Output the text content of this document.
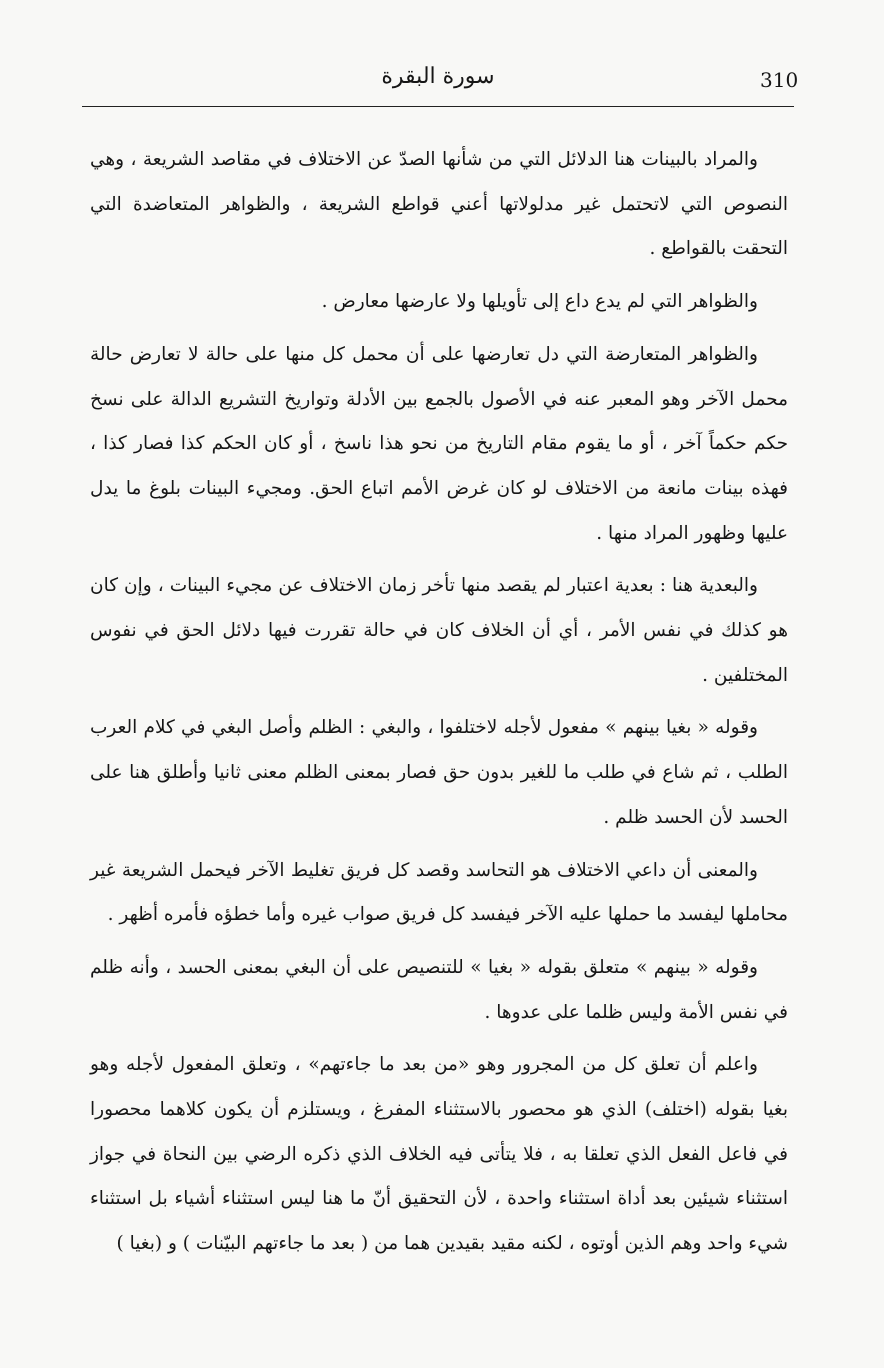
310
سورة البقرة

والمراد بالبينات هنا الدلائل التي من شأنها الصدّ عن الاختلاف في مقاصد الشريعة ، وهي النصوص التي لاتحتمل غير مدلولاتها أعني قواطع الشريعة ، والظواهر المتعاضدة التي التحقت بالقواطع .

والظواهر التي لم يدع داع إلى تأويلها ولا عارضها معارض .

والظواهر المتعارضة التي دل تعارضها على أن محمل كل منها على حالة لا تعارض حالة محمل الآخر وهو المعبر عنه في الأصول بالجمع بين الأدلة وتواريخ التشريع الدالة على نسخ حكم حكماً آخر ، أو ما يقوم مقام التاريخ من نحو هذا ناسخ ، أو كان الحكم كذا فصار كذا ، فهذه بينات مانعة من الاختلاف لو كان غرض الأمم اتباع الحق. ومجيء البينات بلوغ ما يدل عليها وظهور المراد منها .

والبعدية هنا : بعدية اعتبار لم يقصد منها تأخر زمان الاختلاف عن مجيء البينات ، وإن كان هو كذلك في نفس الأمر ، أي أن الخلاف كان في حالة تقررت فيها دلائل الحق في نفوس المختلفين .

وقوله « بغيا بينهم » مفعول لأجله لاختلفوا ، والبغي : الظلم وأصل البغي في كلام العرب الطلب ، ثم شاع في طلب ما للغير بدون حق فصار بمعنى الظلم معنى ثانيا وأطلق هنا على الحسد لأن الحسد ظلم .

والمعنى أن داعي الاختلاف هو التحاسد وقصد كل فريق تغليط الآخر فيحمل الشريعة غير محاملها ليفسد ما حملها عليه الآخر فيفسد كل فريق صواب غيره وأما خطؤه فأمره أظهر .

وقوله « بينهم » متعلق بقوله « بغيا » للتنصيص على أن البغي بمعنى الحسد ، وأنه ظلم في نفس الأمة وليس ظلما على عدوها .

واعلم أن تعلق كل من المجرور وهو «من بعد ما جاءتهم» ، وتعلق المفعول لأجله وهو بغيا بقوله (اختلف) الذي هو محصور بالاستثناء المفرغ ، ويستلزم أن يكون كلاهما محصورا في فاعل الفعل الذي تعلقا به ، فلا يتأتى فيه الخلاف الذي ذكره الرضي بين النحاة في جواز استثناء شيئين بعد أداة استثناء واحدة ، لأن التحقيق أنّ ما هنا ليس استثناء أشياء بل استثناء شيء واحد وهم الذين أوتوه ، لكنه مقيد بقيدين هما من ( بعد ما جاءتهم البيّنات ) و (بغيا )
